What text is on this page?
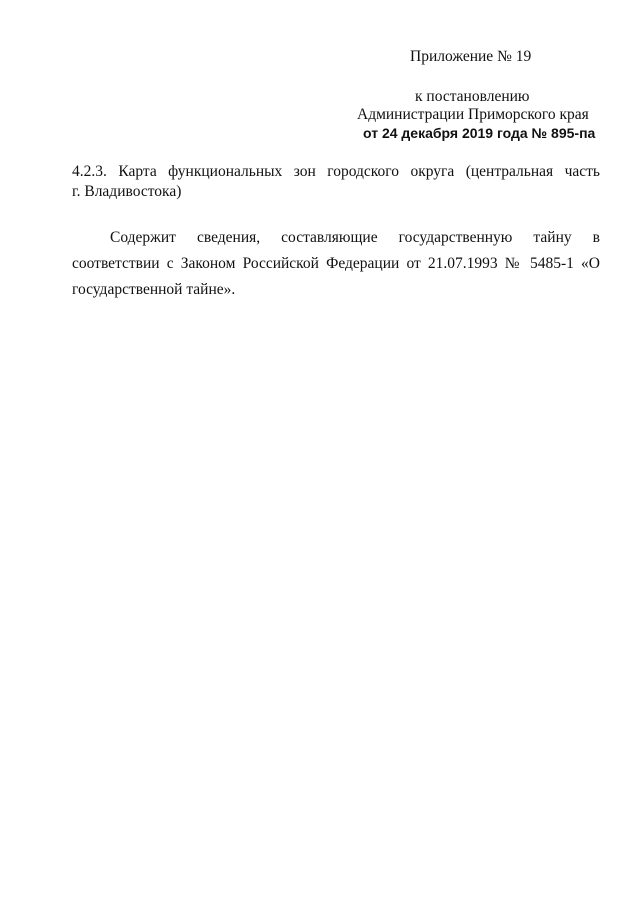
Приложение № 19
к постановлению
Администрации Приморского края
от 24 декабря 2019 года № 895-па
4.2.3. Карта функциональных зон городского округа (центральная часть
г. Владивостока)
Содержит сведения, составляющие государственную тайну в
соответствии с Законом Российской Федерации от 21.07.1993 № 5485-1 «О
государственной тайне».
